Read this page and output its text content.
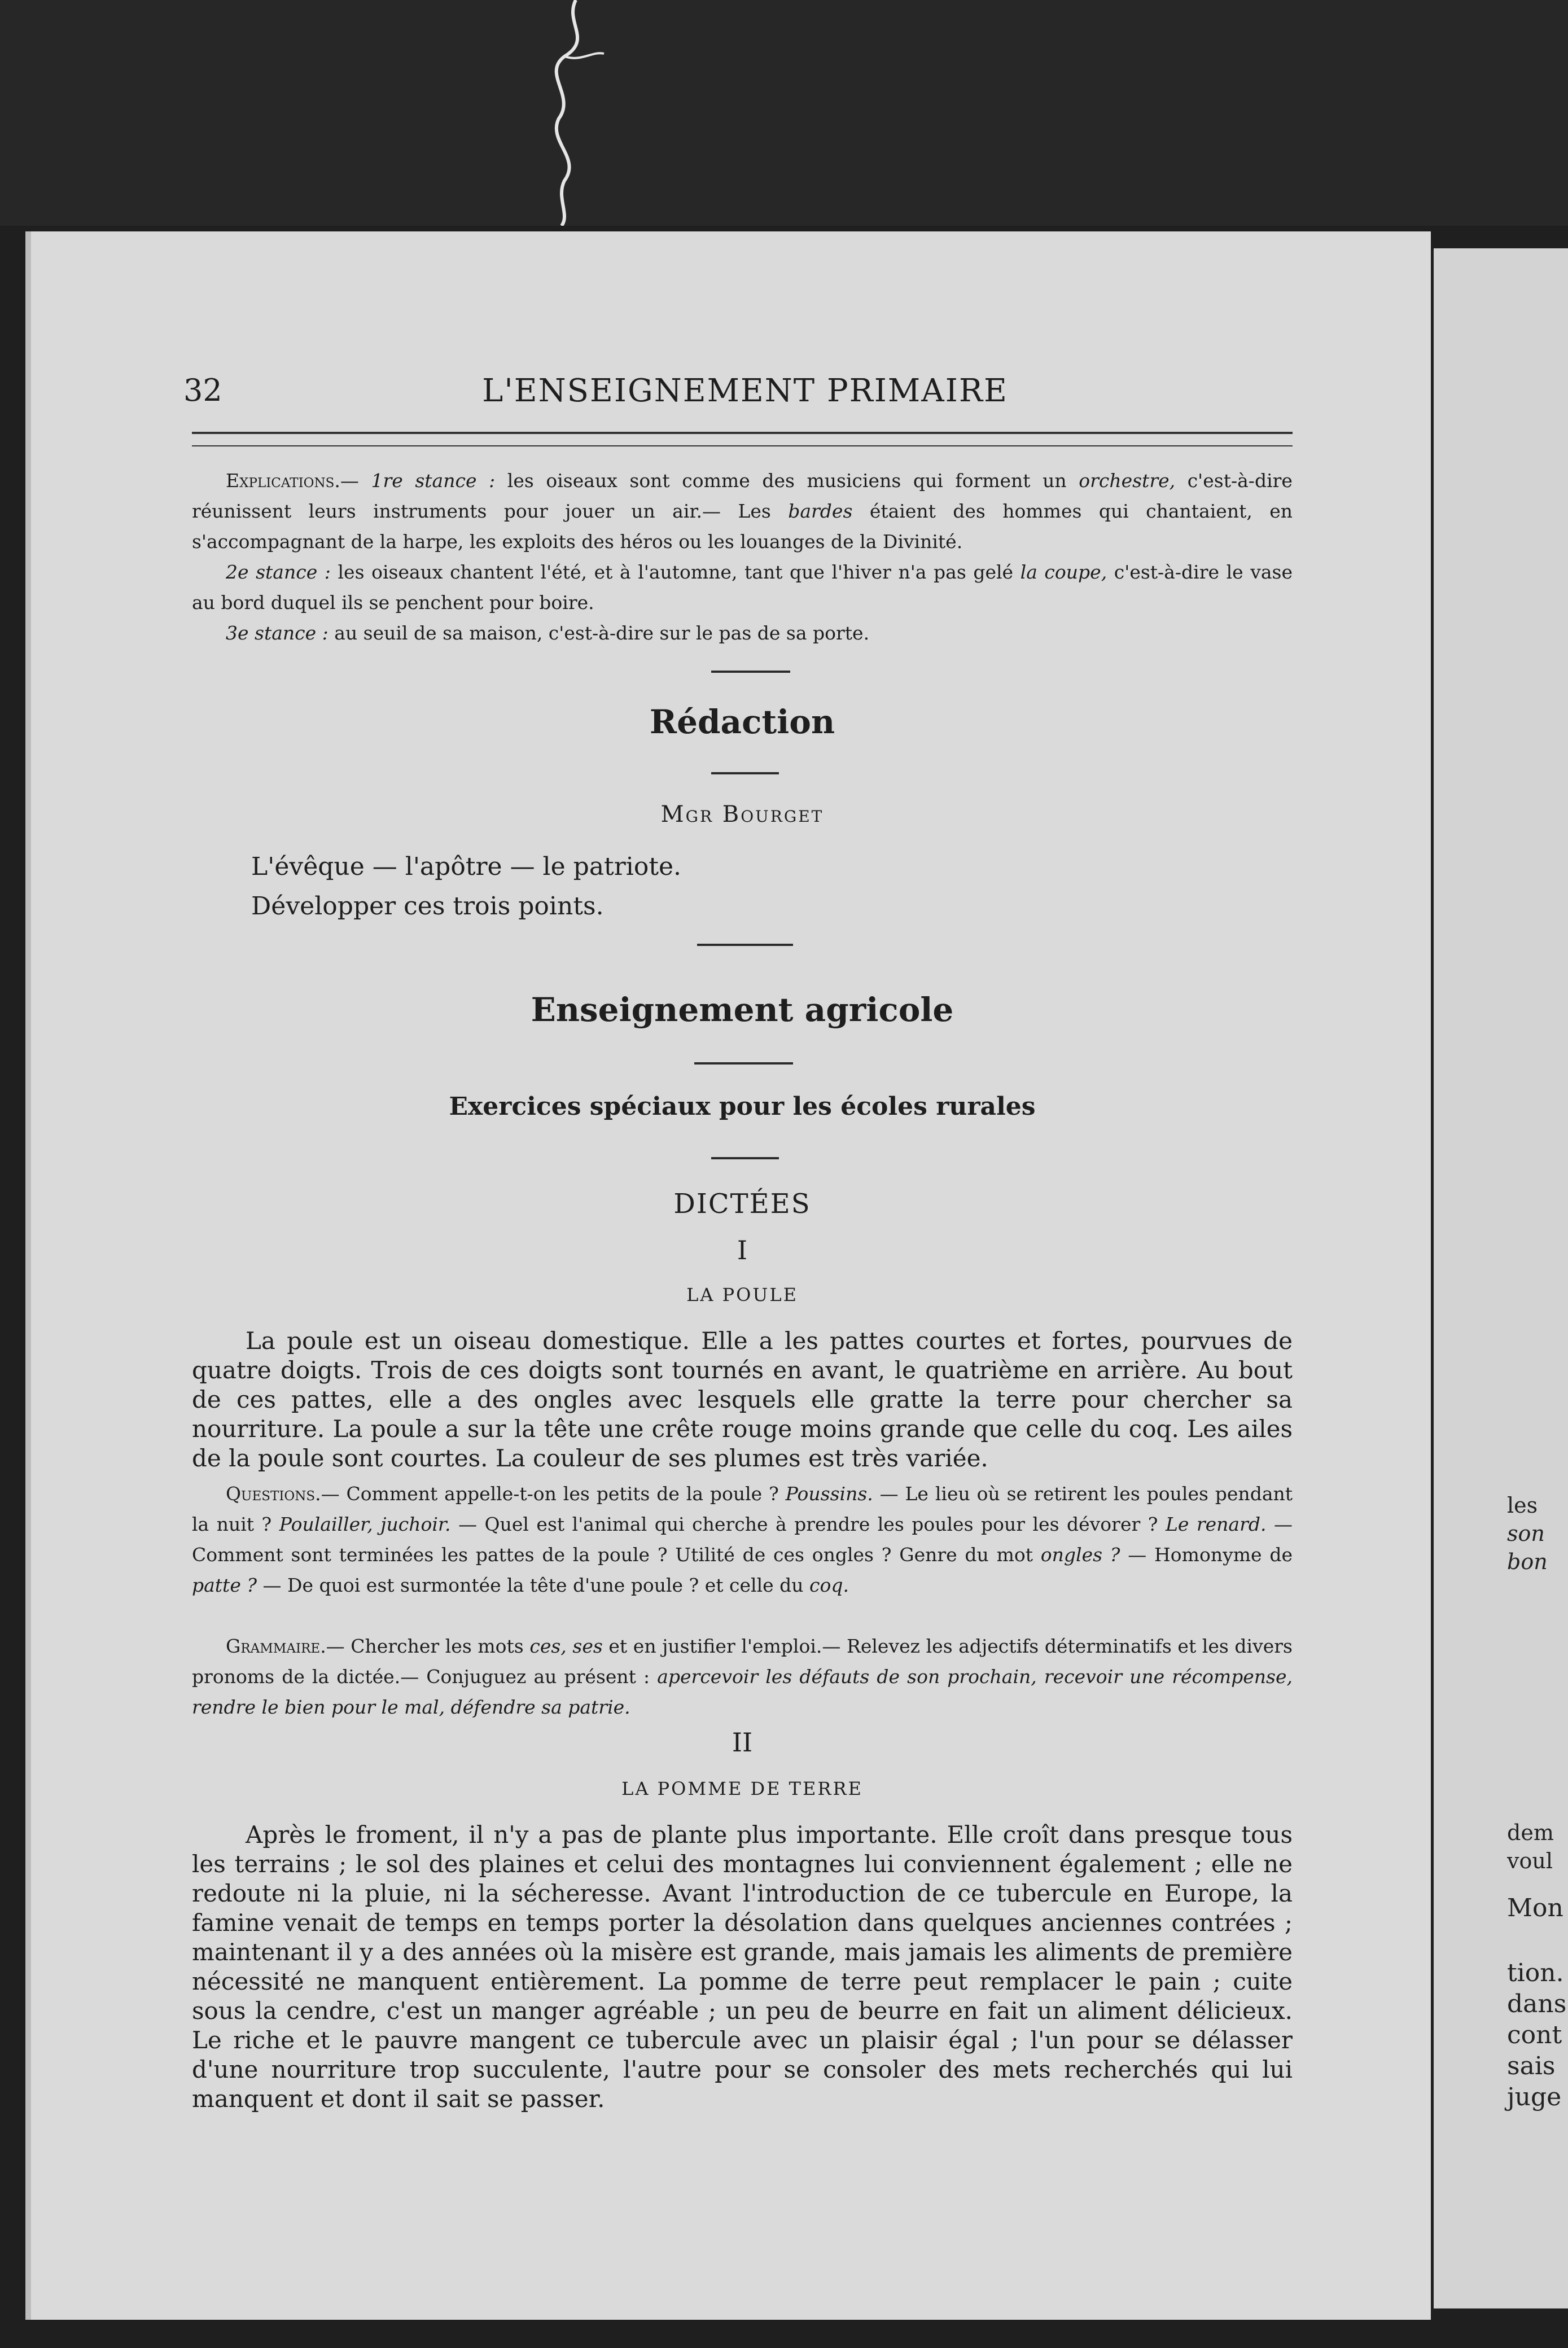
les
son
bon
dem
voul
Mon
tion.
dans
cont
sais
juge
32	L'ENSEIGNEMENT PRIMAIRE
Explications.— 1re stance : les oiseaux sont comme des musiciens qui forment un orchestre, c'est-à-dire réunissent leurs instruments pour jouer un air.— Les bardes étaient des hommes qui chantaient, en s'accompagnant de la harpe, les exploits des héros ou les louanges de la Divinité.
2e stance : les oiseaux chantent l'été, et à l'automne, tant que l'hiver n'a pas gelé la coupe, c'est-à-dire le vase au bord duquel ils se penchent pour boire.
3e stance : au seuil de sa maison, c'est-à-dire sur le pas de sa porte.
Rédaction
Mgr Bourget
L'évêque — l'apôtre — le patriote.
Développer ces trois points.
Enseignement agricole
Exercices spéciaux pour les écoles rurales
DICTÉES
I
LA POULE
La poule est un oiseau domestique. Elle a les pattes courtes et fortes, pourvues de quatre doigts. Trois de ces doigts sont tournés en avant, le quatrième en arrière. Au bout de ces pattes, elle a des ongles avec lesquels elle gratte la terre pour chercher sa nourriture. La poule a sur la tête une crête rouge moins grande que celle du coq. Les ailes de la poule sont courtes. La couleur de ses plumes est très variée.
Questions.— Comment appelle-t-on les petits de la poule ? Poussins. — Le lieu où se retirent les poules pendant la nuit ? Poulailler, juchoir. — Quel est l'animal qui cherche à prendre les poules pour les dévorer ? Le renard. — Comment sont terminées les pattes de la poule ? Utilité de ces ongles ? Genre du mot ongles ? — Homonyme de patte ? — De quoi est surmontée la tête d'une poule ? et celle du coq.
Grammaire.— Chercher les mots ces, ses et en justifier l'emploi.— Relevez les adjectifs déterminatifs et les divers pronoms de la dictée.— Conjuguez au présent : apercevoir les défauts de son prochain, recevoir une récompense, rendre le bien pour le mal, défendre sa patrie.
II
LA POMME DE TERRE
Après le froment, il n'y a pas de plante plus importante. Elle croît dans presque tous les terrains ; le sol des plaines et celui des montagnes lui conviennent également ; elle ne redoute ni la pluie, ni la sécheresse. Avant l'introduction de ce tubercule en Europe, la famine venait de temps en temps porter la désolation dans quelques anciennes contrées ; maintenant il y a des années où la misère est grande, mais jamais les aliments de première nécessité ne manquent entièrement. La pomme de terre peut remplacer le pain ; cuite sous la cendre, c'est un manger agréable ; un peu de beurre en fait un aliment délicieux. Le riche et le pauvre mangent ce tubercule avec un plaisir égal ; l'un pour se délasser d'une nourriture trop succulente, l'autre pour se consoler des mets recherchés qui lui manquent et dont il sait se passer.
